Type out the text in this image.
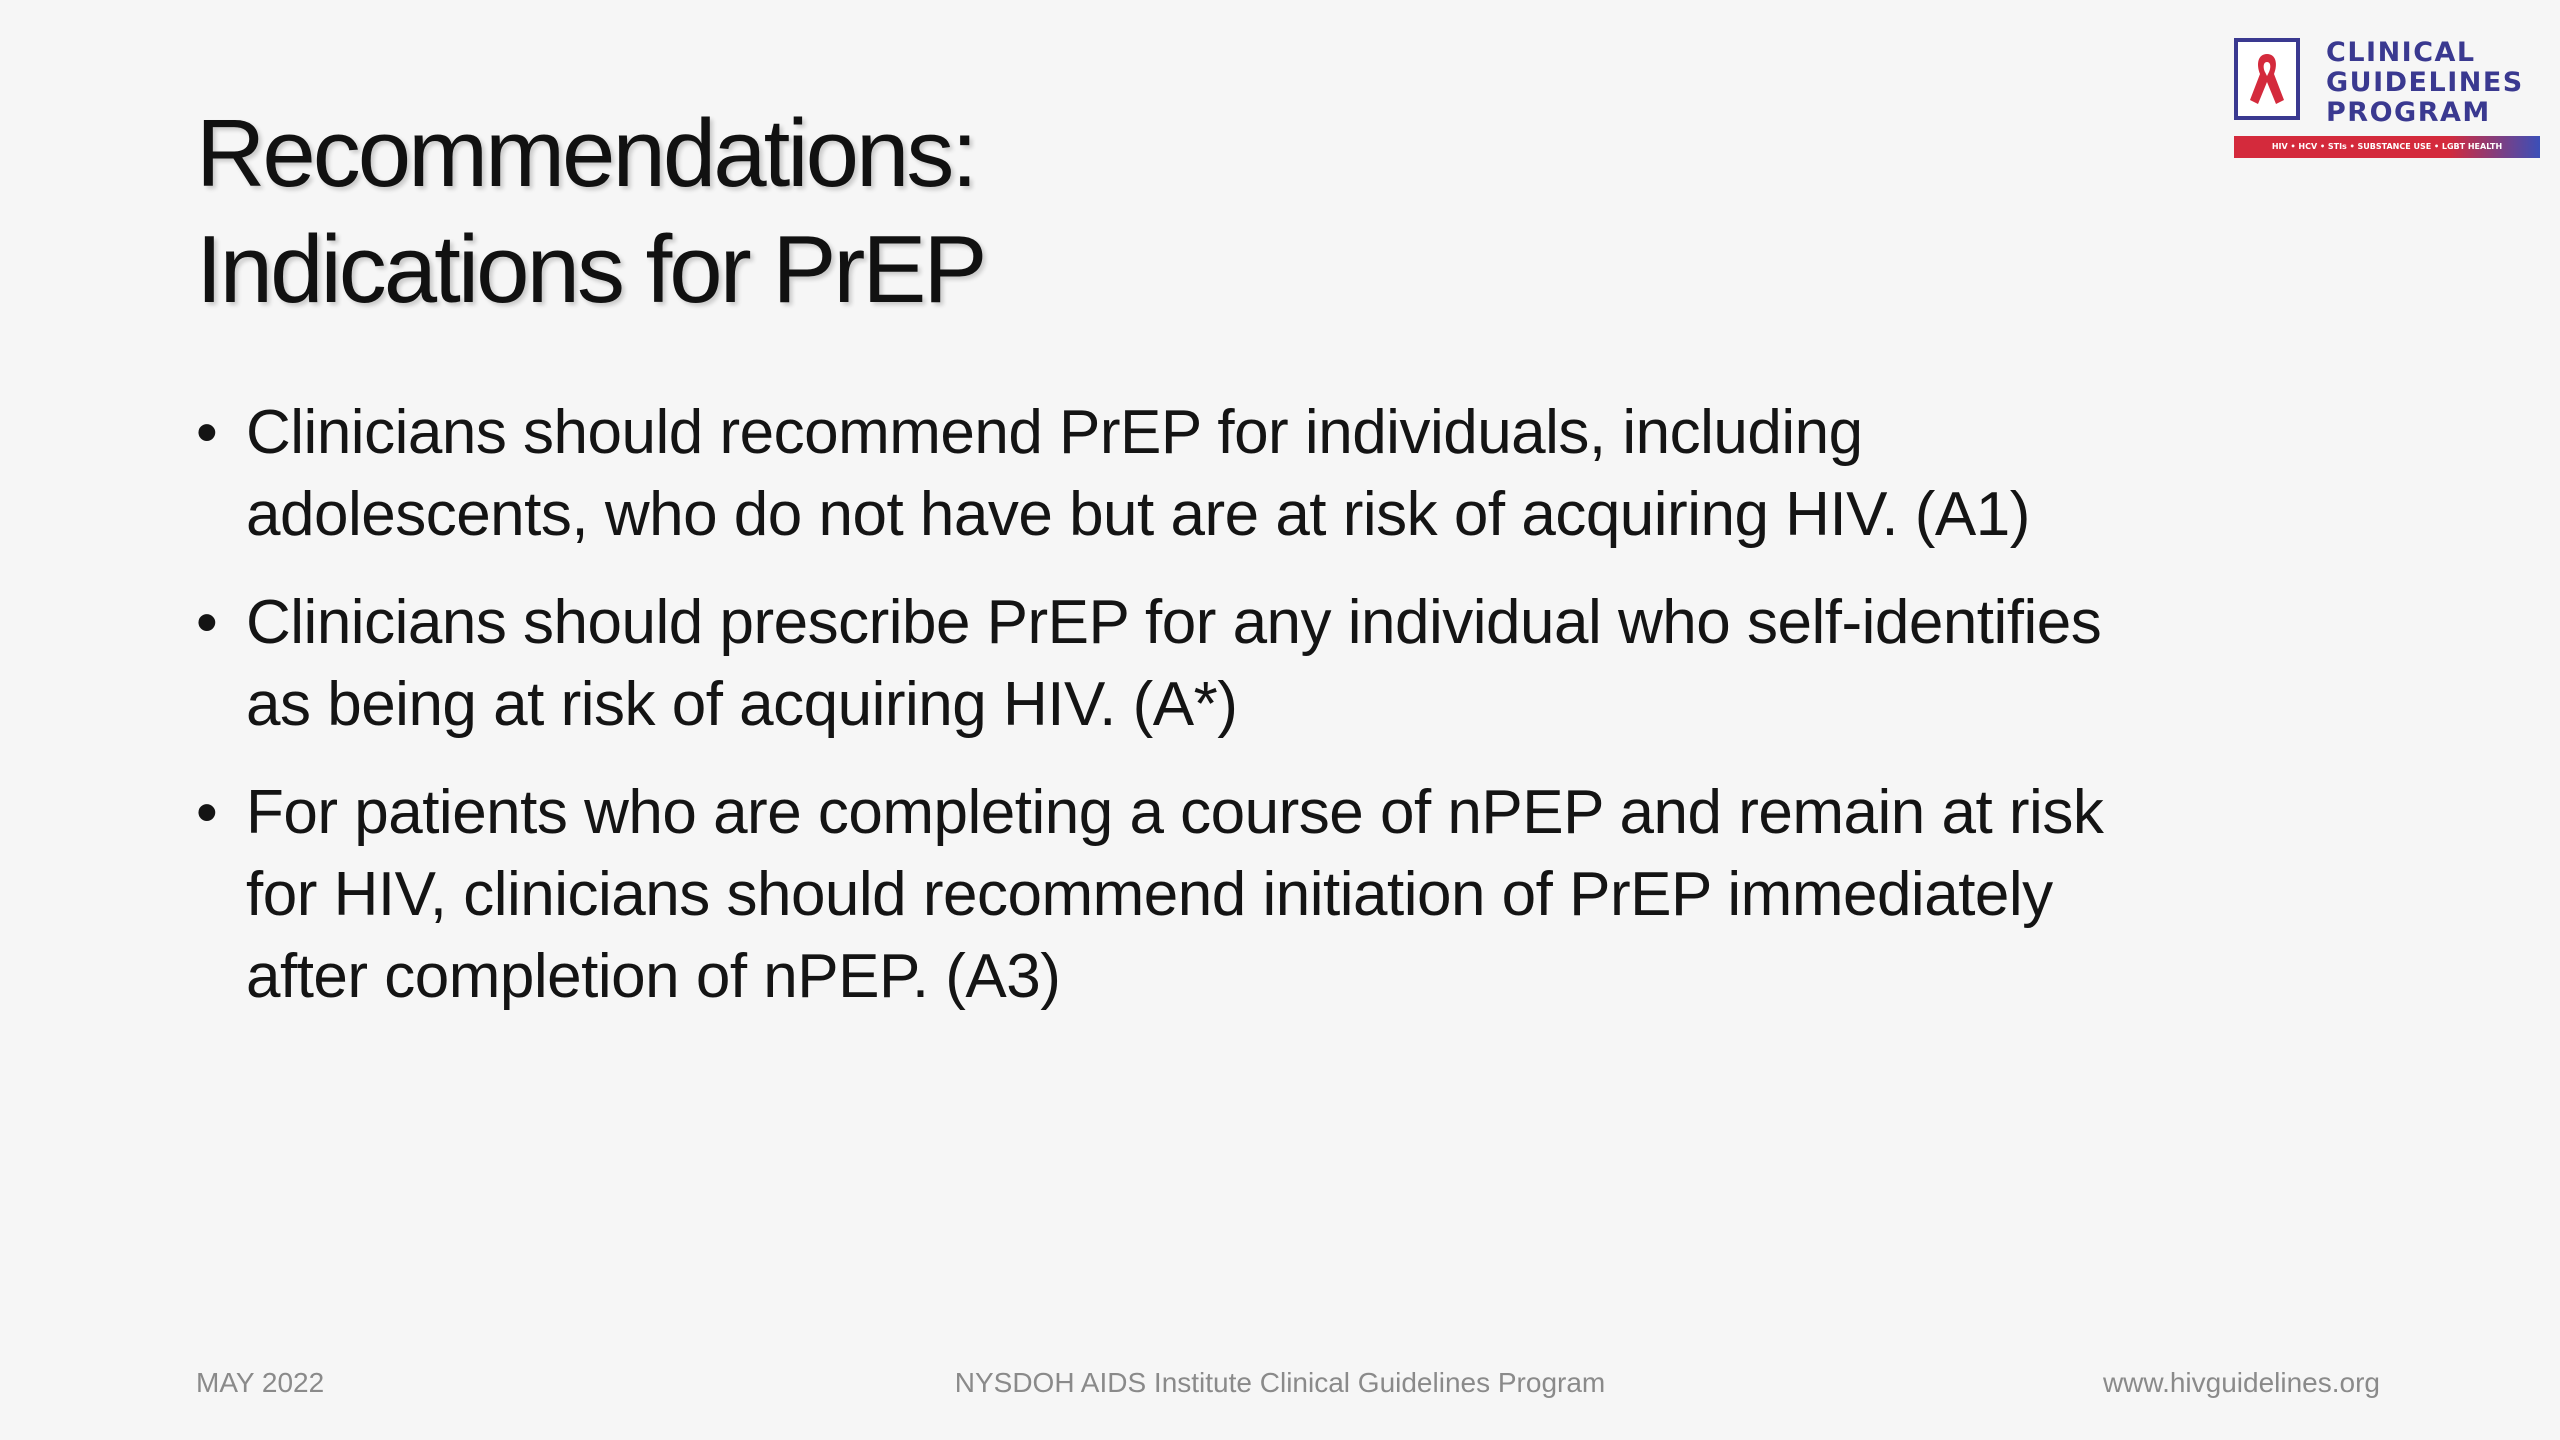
Recommendations:
Indications for PrEP
CLINICAL
GUIDELINES
PROGRAM
HIV • HCV • STIs • SUBSTANCE USE • LGBT HEALTH
• Clinicians should recommend PrEP for individuals, including
adolescents, who do not have but are at risk of acquiring HIV. (A1)
• Clinicians should prescribe PrEP for any individual who self-identifies
as being at risk of acquiring HIV. (A*)
• For patients who are completing a course of nPEP and remain at risk
for HIV, clinicians should recommend initiation of PrEP immediately
after completion of nPEP. (A3)
MAY 2022	NYSDOH AIDS Institute Clinical Guidelines Program	www.hivguidelines.org
